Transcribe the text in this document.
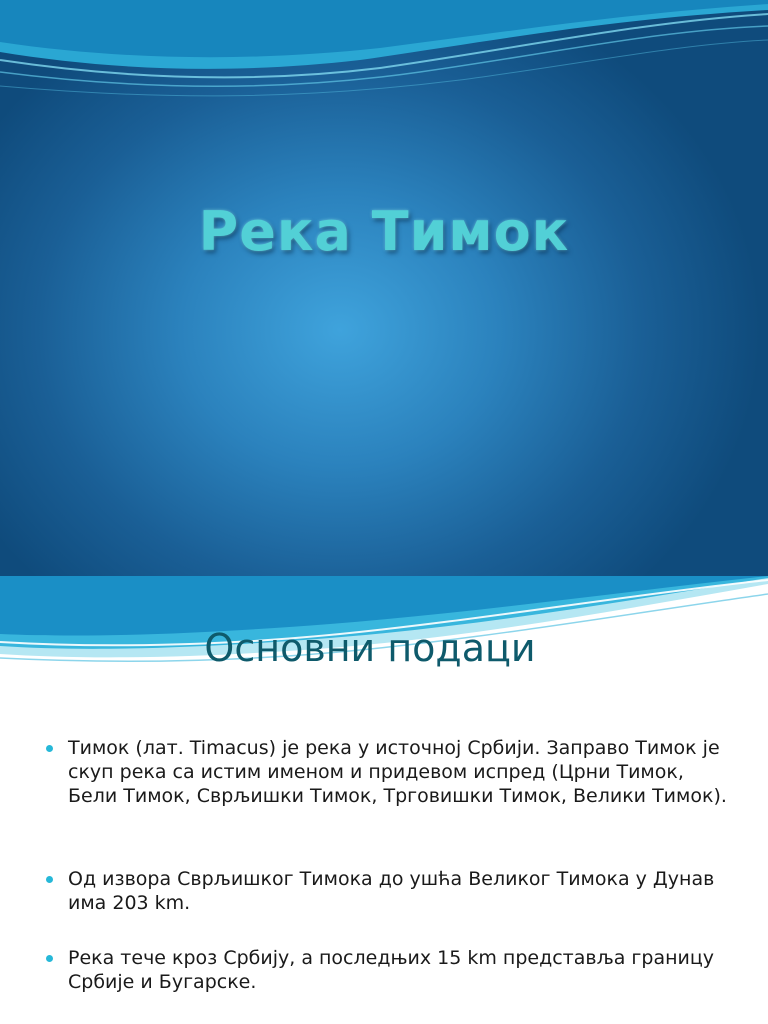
Река Тимок
Основни подаци
Тимок (лат. Timacus) је река у источној Србији. Заправо Тимок је скуп река са истим именом и придевом испред (Црни Тимок, Бели Тимок, Сврљишки Тимок, Трговишки Тимок, Велики Тимок).
Од извора Сврљишког Тимока до ушћа Великог Тимока у Дунав има 203 km.
Река тече кроз Србију, а последњих 15 km представља границу Србије и Бугарске.
